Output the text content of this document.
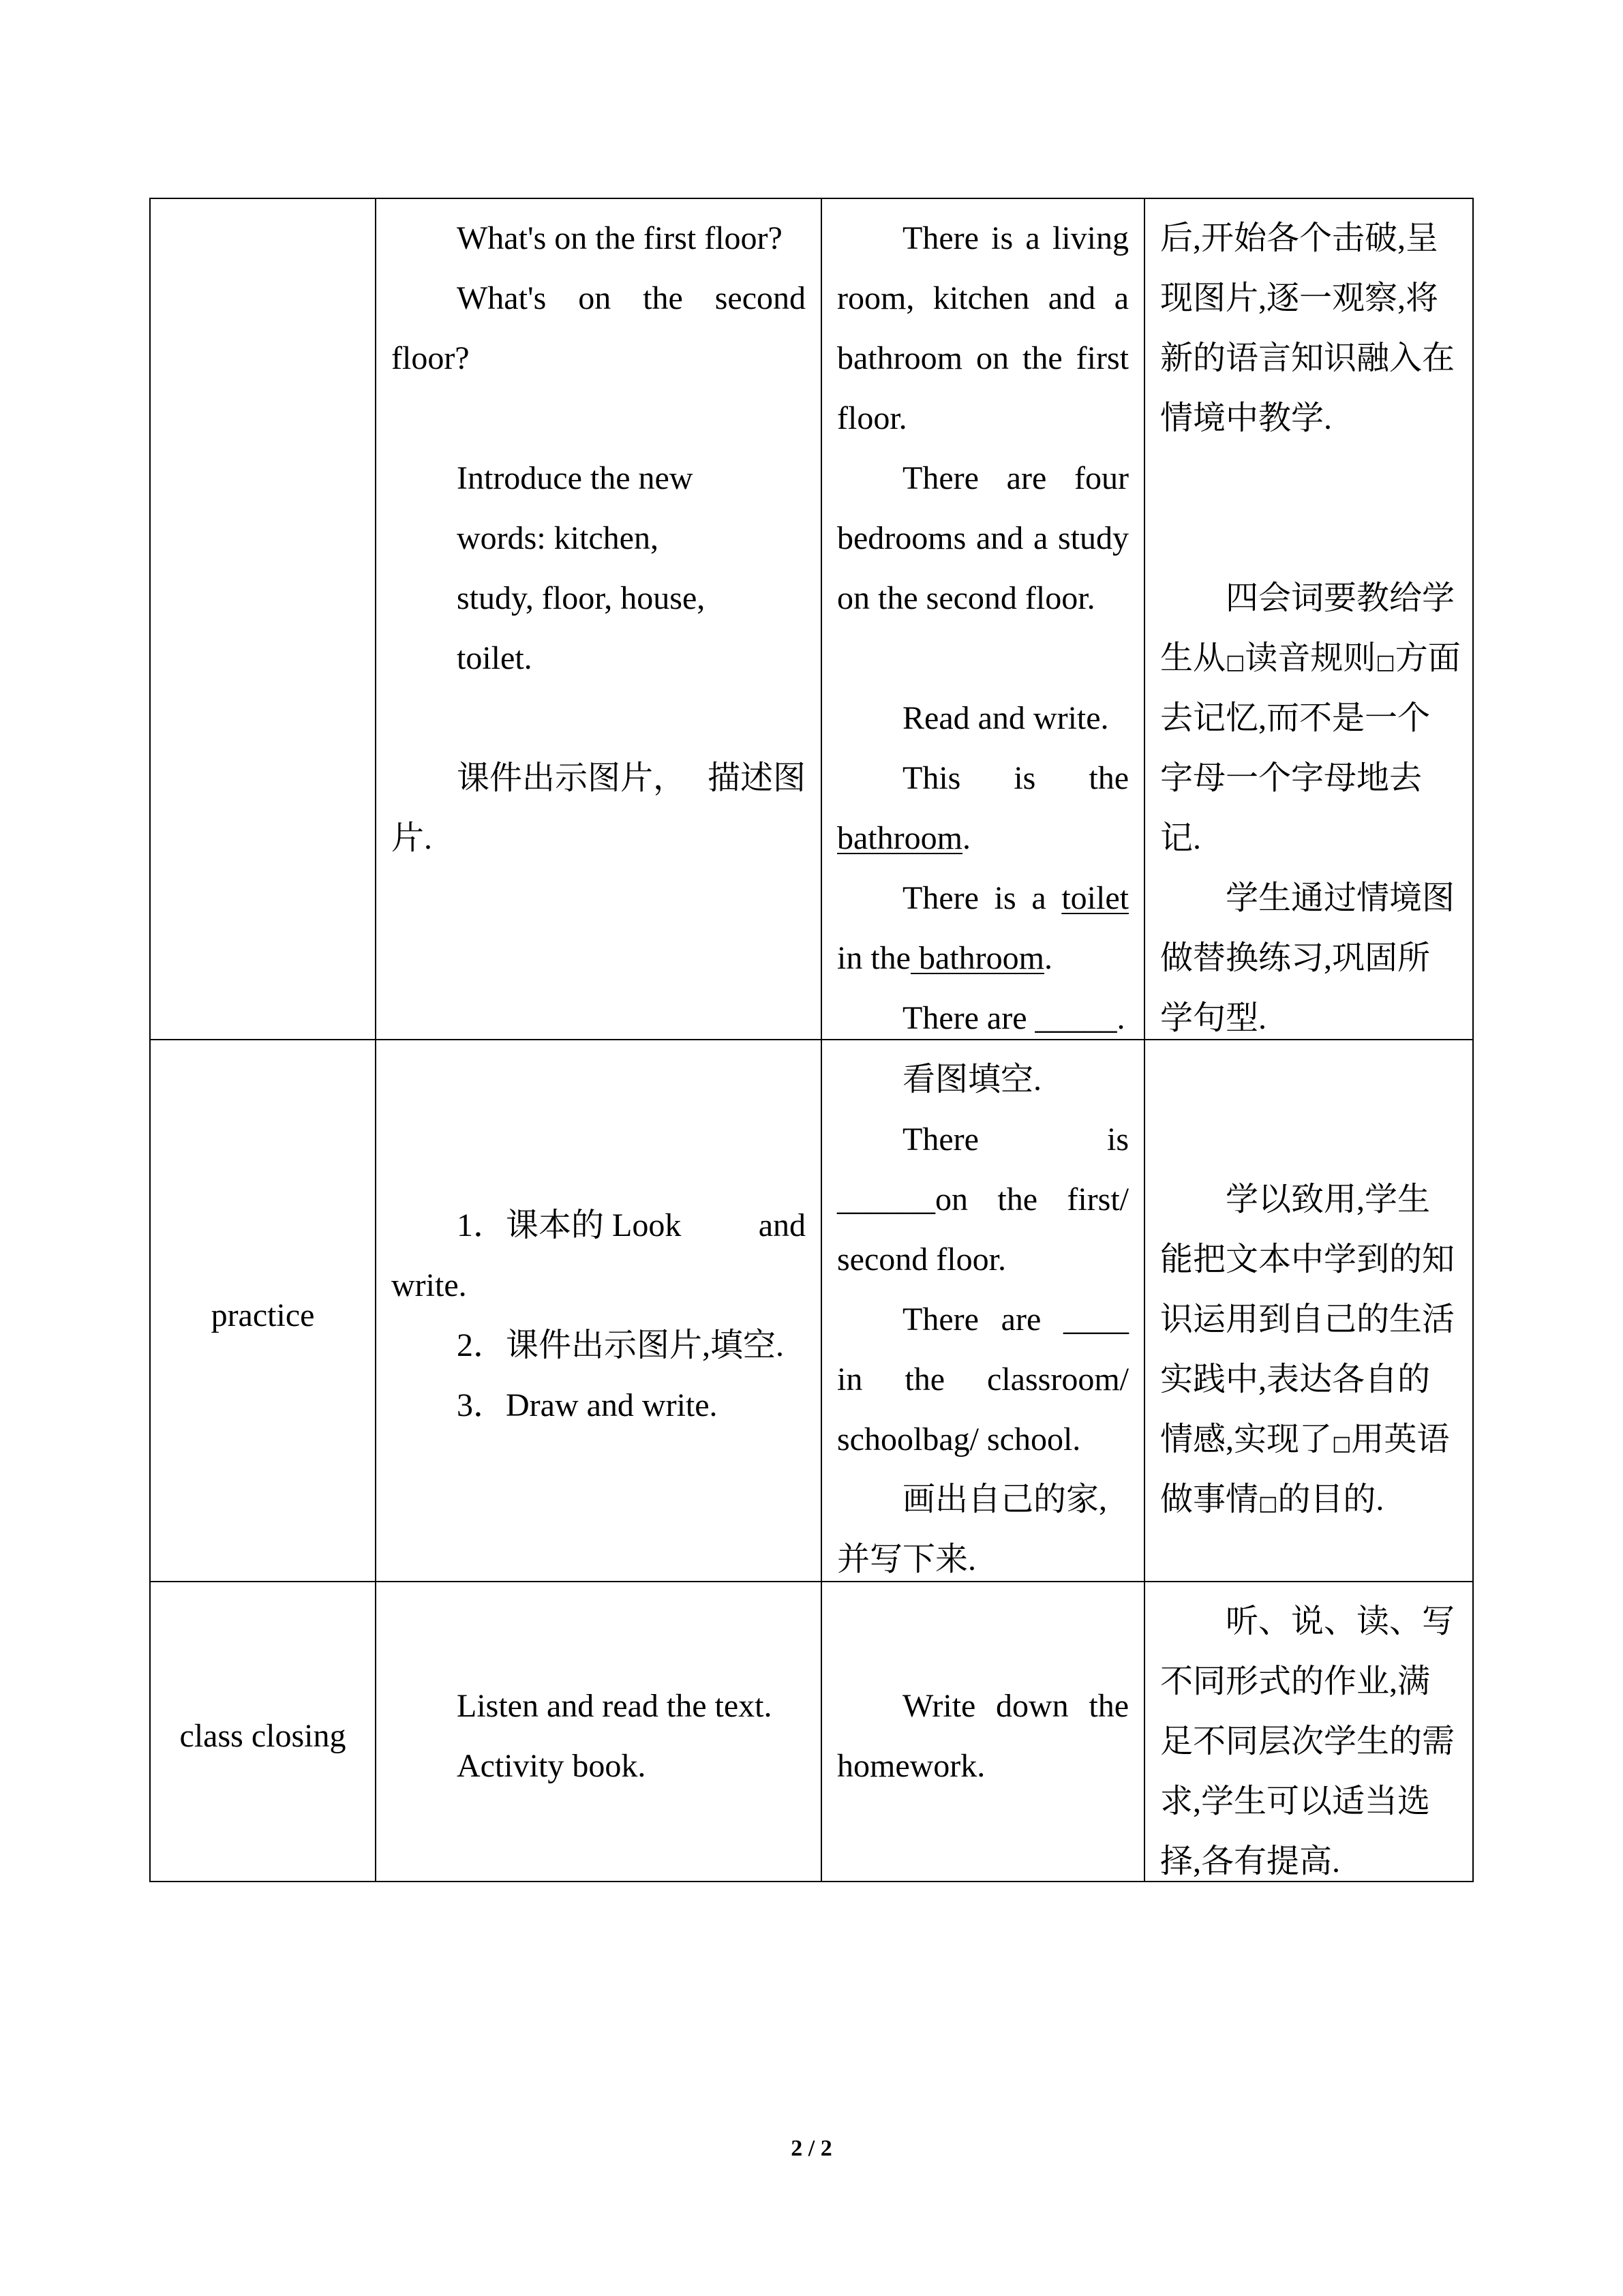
What's on the first floor?
What's on the second
floor?
Introduce the new
words: kitchen,
study, floor, house,
toilet.
课件出示图片， 描述图
片.
There is a living
room, kitchen and a
bathroom on the first
floor.
There are four
bedrooms and a study
on the second floor.
Read and write.
This is the
bathroom.
There is a toilet
in the bathroom.
There are _____.
后,开始各个击破,呈
现图片,逐一观察,将
新的语言知识融入在
情境中教学.
四会词要教给学
生从□读音规则□方面
去记忆,而不是一个
字母一个字母地去
记.
学生通过情境图
做替换练习,巩固所
学句型.
practice
1．课本的 Look and
write.
2．课件出示图片,填空.
3．Draw and write.
看图填空.
There is
______on the first/
second floor.
There are ____
in the classroom/
schoolbag/ school.
画出自己的家,
并写下来.
学以致用,学生
能把文本中学到的知
识运用到自己的生活
实践中,表达各自的
情感,实现了□用英语
做事情□的目的.
class closing
Listen and read the text.
Activity book.
Write down the
homework.
听、说、读、写
不同形式的作业,满
足不同层次学生的需
求,学生可以适当选
择,各有提高.
2 / 2
